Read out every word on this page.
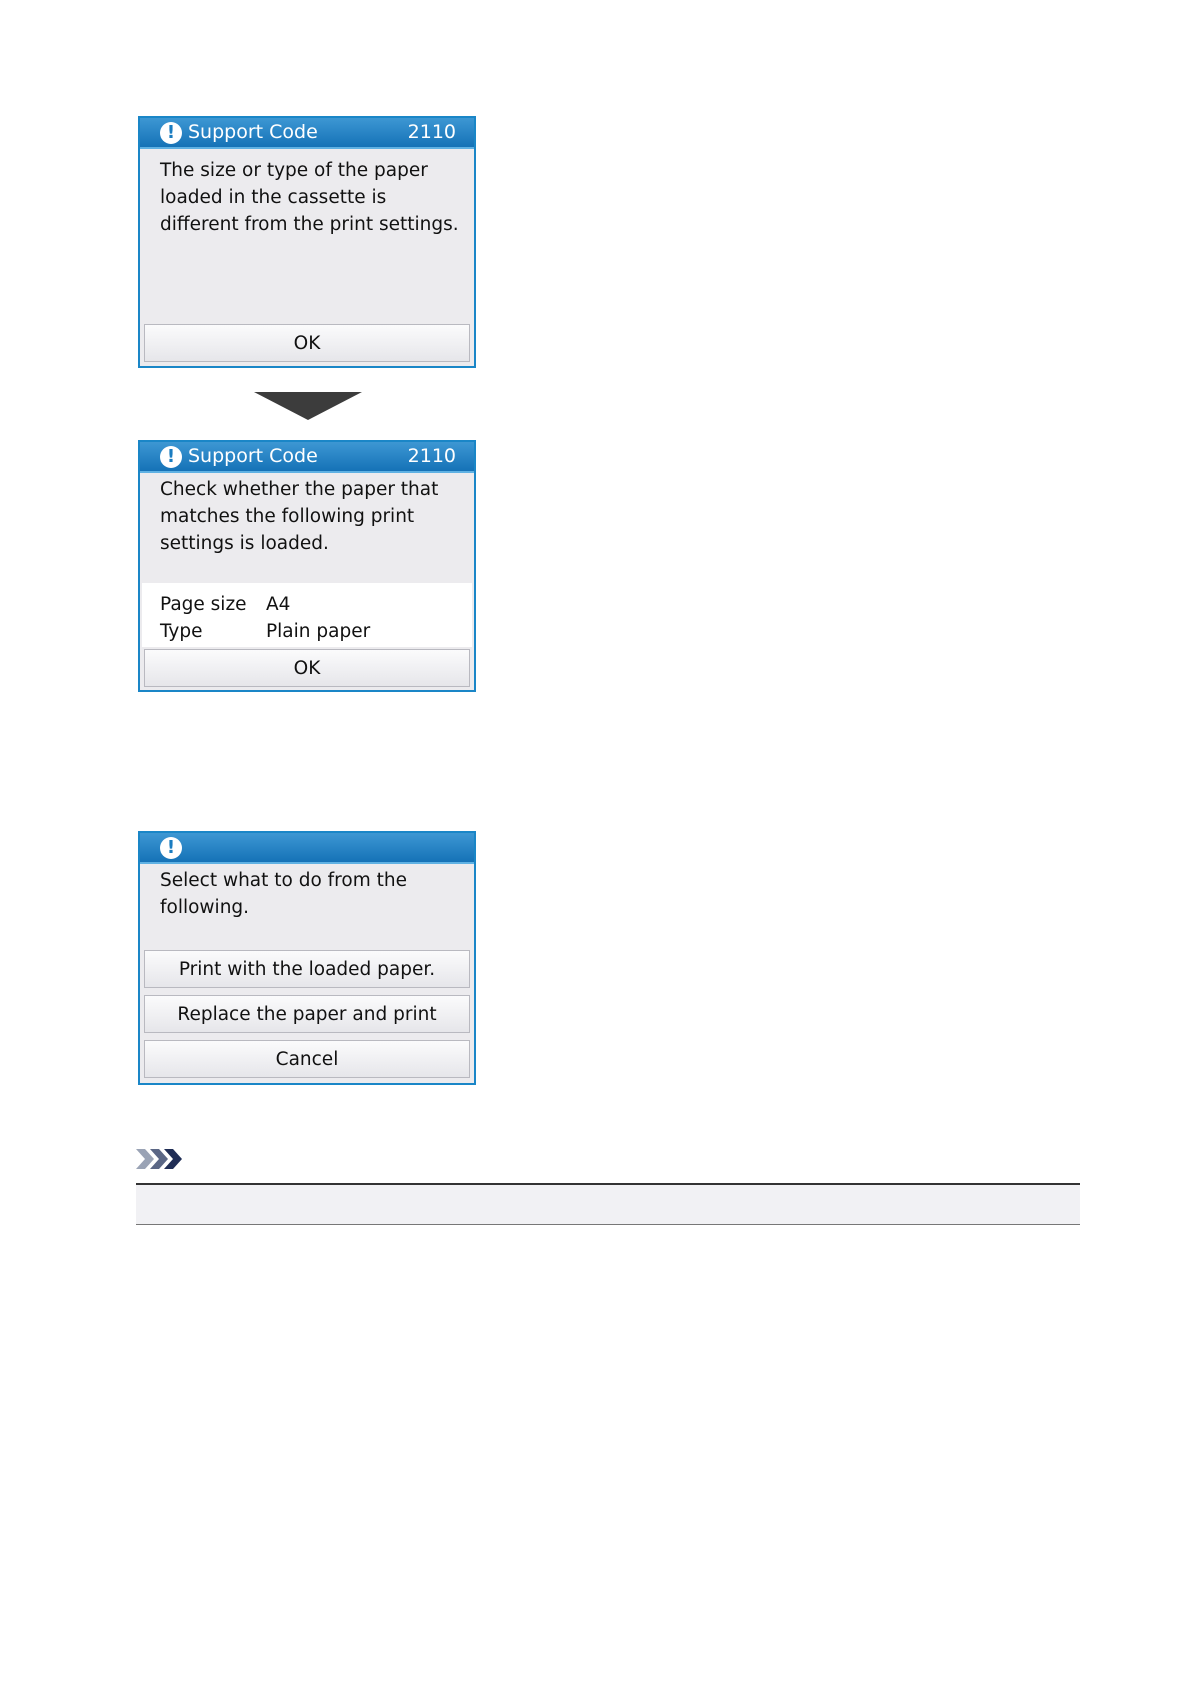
! Support Code	2110
The size or type of the paper
loaded in the cassette is
different from the print settings.
OK
! Support Code	2110
Check whether the paper that
matches the following print
settings is loaded.
Page size	A4
Type	Plain paper
OK
!
Select what to do from the
following.
Print with the loaded paper.
Replace the paper and print
Cancel
